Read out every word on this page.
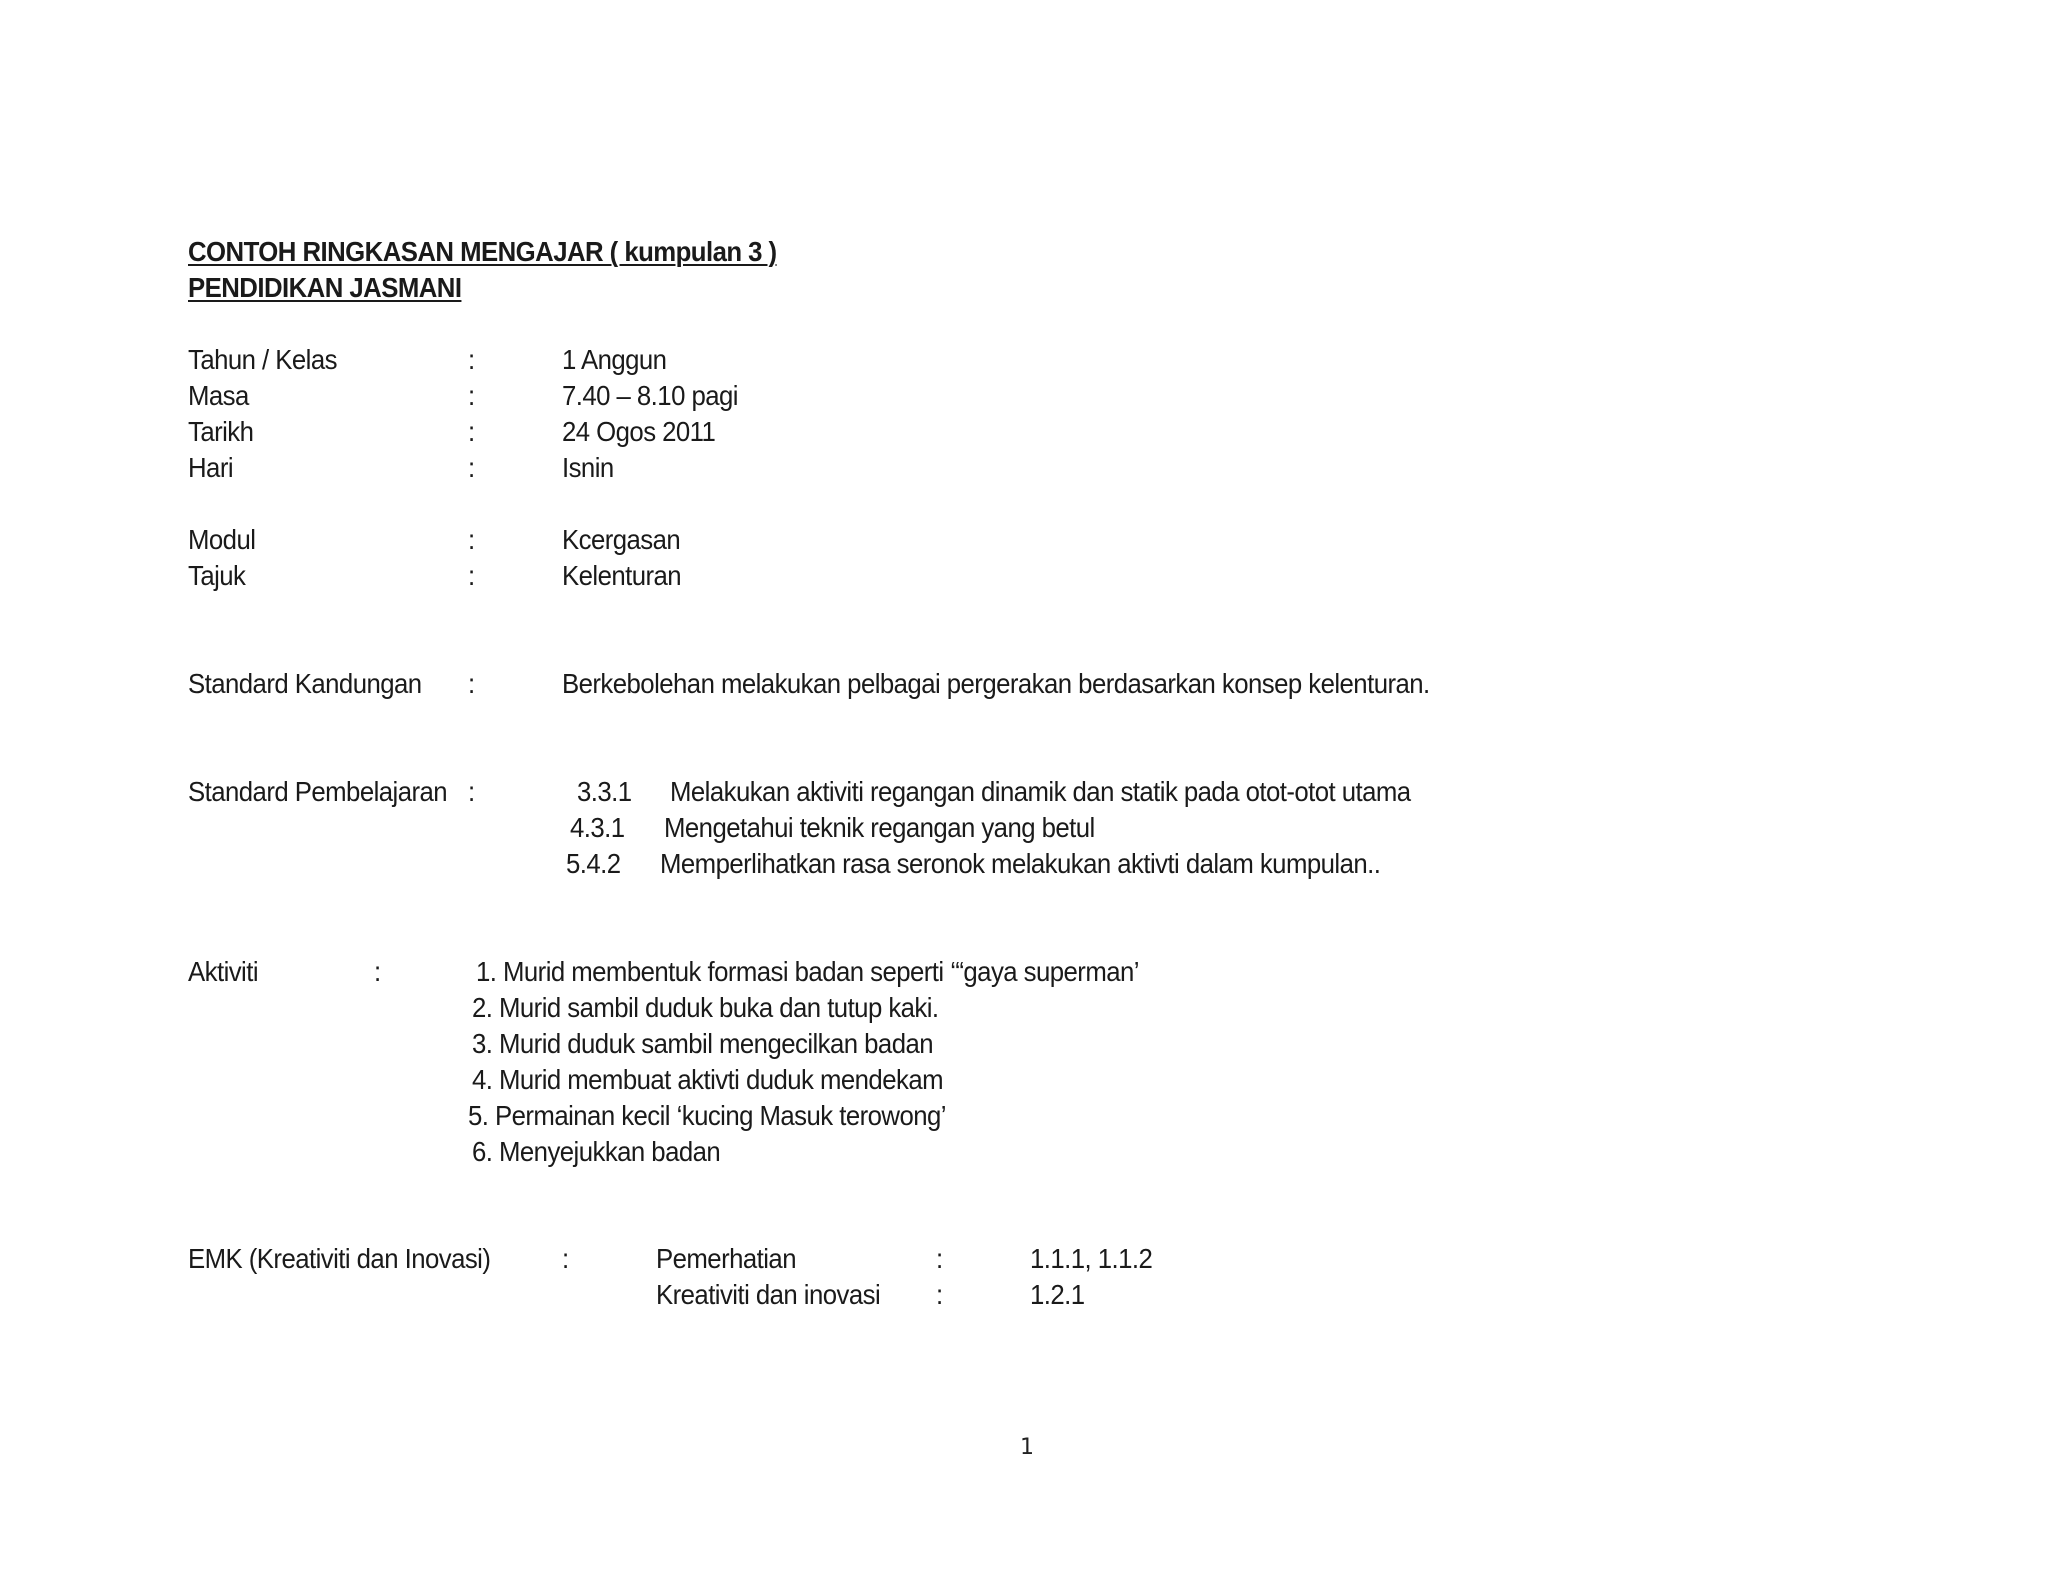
CONTOH RINGKASAN MENGAJAR ( kumpulan 3 )
PENDIDIKAN JASMANI
Tahun / Kelas	:	1 Anggun
Masa	:	7.40 – 8.10 pagi
Tarikh	:	24 Ogos 2011
Hari	:	Isnin
Modul	:	Kcergasan
Tajuk	:	Kelenturan
Standard Kandungan :	Berkebolehan melakukan pelbagai pergerakan berdasarkan konsep kelenturan.
Standard Pembelajaran :	3.3.1 Melakukan aktiviti regangan dinamik dan statik pada otot-otot utama
4.3.1 Mengetahui teknik regangan yang betul
5.4.2 Memperlihatkan rasa seronok melakukan aktivti dalam kumpulan..
Aktiviti	:	1. Murid membentuk formasi badan seperti ‘“gaya superman’
2. Murid sambil duduk buka dan tutup kaki.
3. Murid duduk sambil mengecilkan badan
4. Murid membuat aktivti duduk mendekam
5. Permainan kecil ‘kucing Masuk terowong’
6. Menyejukkan badan
EMK (Kreativiti dan Inovasi)	:	Pemerhatian	:	1.1.1, 1.1.2
Kreativiti dan inovasi :	1.2.1
1
